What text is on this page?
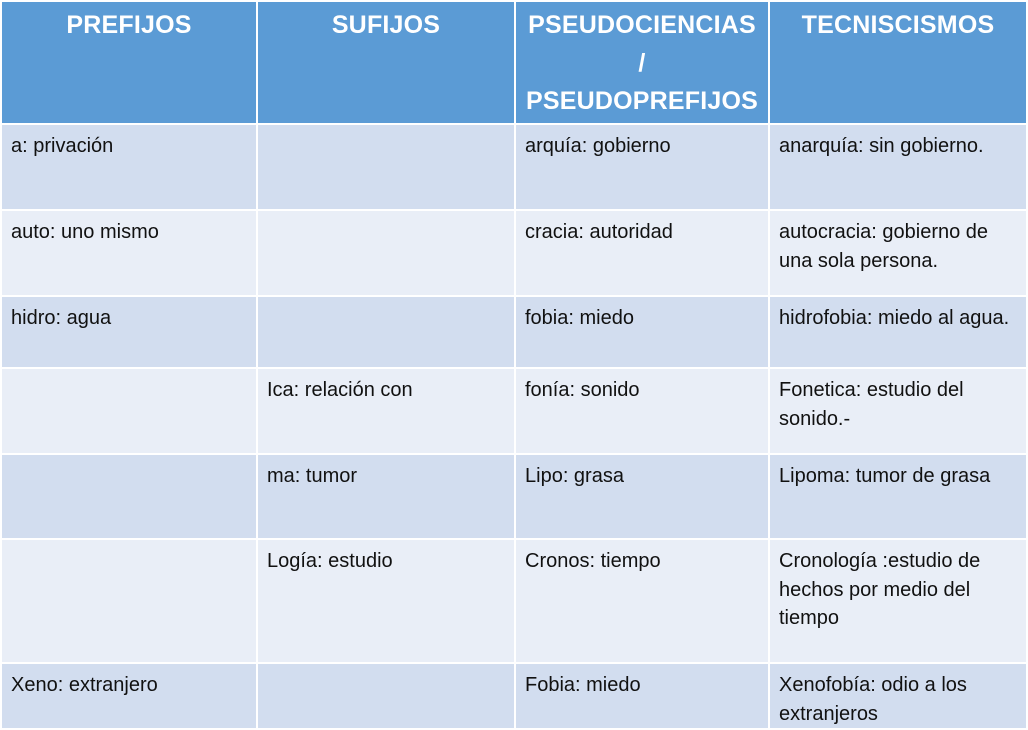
PREFIJOS	SUFIJOS	PSEUDOCIENCIAS / PSEUDOPREFIJOS	TECNISCISMOS
a: privación		arquía: gobierno	anarquía: sin gobierno.
auto: uno mismo		cracia: autoridad	autocracia: gobierno de una sola persona.
hidro: agua		fobia: miedo	hidrofobia: miedo al agua.
	Ica: relación con	fonía: sonido	Fonetica: estudio del sonido.-
	ma: tumor	Lipo: grasa	Lipoma: tumor de grasa
	Logía: estudio	Cronos: tiempo	Cronología :estudio de hechos por medio del tiempo
Xeno: extranjero		Fobia: miedo	Xenofobía: odio a los extranjeros
